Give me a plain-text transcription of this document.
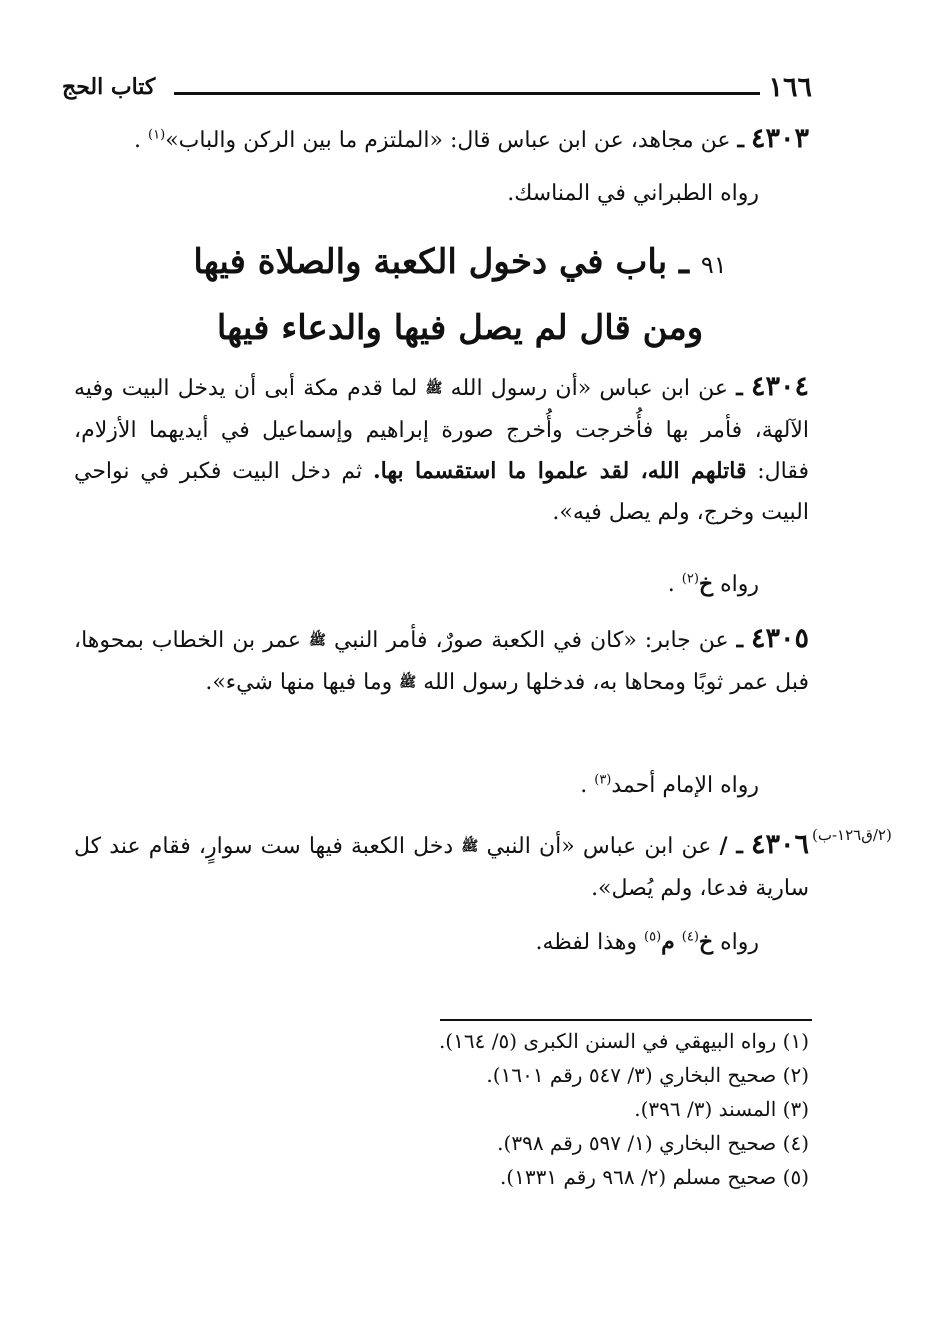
١٦٦
كتاب الحج
٤٣٠٣ ـ عن مجاهد، عن ابن عباس قال: «الملتزم ما بين الركن والباب»$^{(١)}$ .
رواه الطبراني في المناسك.
٩١ ـ باب في دخول الكعبة والصلاة فيها
ومن قال لم يصل فيها والدعاء فيها
٤٣٠٤ ـ عن ابن عباس «أن رسول الله ﷺ لما قدم مكة أبى أن يدخل البيت وفيه الآلهة، فأمر بها فأُخرجت وأُخرج صورة إبراهيم وإسماعيل في أيديهما الأزلام، فقال: قاتلهم الله، لقد علموا ما استقسما بها. ثم دخل البيت فكبر في نواحي البيت وخرج، ولم يصل فيه».
رواه خ$^{(٢)}$ .
٤٣٠٥ ـ عن جابر: «كان في الكعبة صورٌ، فأمر النبي ﷺ عمر بن الخطاب بمحوها، فبل عمر ثوبًا ومحاها به، فدخلها رسول الله ﷺ وما فيها منها شيء».
رواه الإمام أحمد$^{(٣)}$ .
(٢/ق١٢٦-ب)
٤٣٠٦ ـ / عن ابن عباس «أن النبي ﷺ دخل الكعبة فيها ست سوارٍ، فقام عند كل سارية فدعا، ولم يُصل».
رواه خ$^{(٤)}$ م$^{(٥)}$ وهذا لفظه.
(١) رواه البيهقي في السنن الكبرى (٥/ ١٦٤).
(٢) صحيح البخاري (٣/ ٥٤٧ رقم ١٦٠١).
(٣) المسند (٣/ ٣٩٦).
(٤) صحيح البخاري (١/ ٥٩٧ رقم ٣٩٨).
(٥) صحيح مسلم (٢/ ٩٦٨ رقم ١٣٣١).
